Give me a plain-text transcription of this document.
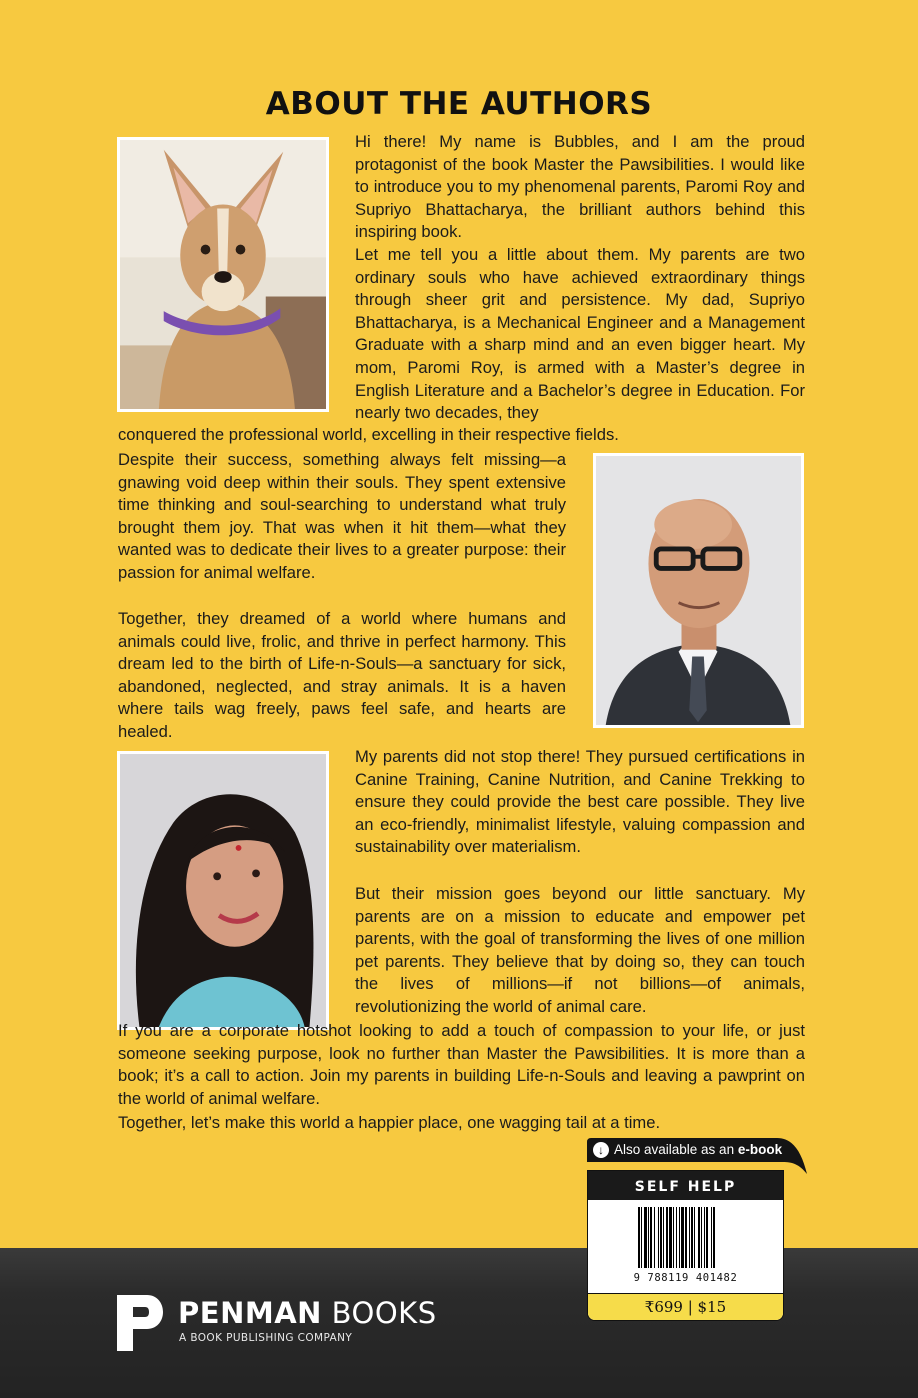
ABOUT THE AUTHORS

Hi there! My name is Bubbles, and I am the proud protagonist of the book Master the Pawsibilities. I would like to introduce you to my phenomenal parents, Paromi Roy and Supriyo Bhattacharya, the brilliant authors behind this inspiring book.

Let me tell you a little about them. My parents are two ordinary souls who have achieved extraordinary things through sheer grit and persistence. My dad, Supriyo Bhattacharya, is a Mechanical Engineer and a Management Graduate with a sharp mind and an even bigger heart. My mom, Paromi Roy, is armed with a Master’s degree in English Literature and a Bachelor’s degree in Education. For nearly two decades, they

conquered the professional world, excelling in their respective fields.

Despite their success, something always felt missing—a gnawing void deep within their souls. They spent extensive time thinking and soul-searching to understand what truly brought them joy. That was when it hit them—what they wanted was to dedicate their lives to a greater purpose: their passion for animal welfare.

Together, they dreamed of a world where humans and animals could live, frolic, and thrive in perfect harmony. This dream led to the birth of Life-n-Souls—a sanctuary for sick, abandoned, neglected, and stray animals. It is a haven where tails wag freely, paws feel safe, and hearts are healed.

My parents did not stop there! They pursued certifications in Canine Training, Canine Nutrition, and Canine Trekking to ensure they could provide the best care possible. They live an eco-friendly, minimalist lifestyle, valuing compassion and sustainability over materialism.

But their mission goes beyond our little sanctuary. My parents are on a mission to educate and empower pet parents, with the goal of transforming the lives of one million pet parents. They believe that by doing so, they can touch the lives of millions—if not billions—of animals, revolutionizing the world of animal care.

If you are a corporate hotshot looking to add a touch of compassion to your life, or just someone seeking purpose, look no further than Master the Pawsibilities. It is more than a book; it’s a call to action. Join my parents in building Life-n-Souls and leaving a pawprint on the world of animal welfare.

Together, let’s make this world a happier place, one wagging tail at a time.

PENMAN BOOKS
A BOOK PUBLISHING COMPANY
↓ Also available as an e-book
SELF HELP
9 788119 401482
₹699 | $15
